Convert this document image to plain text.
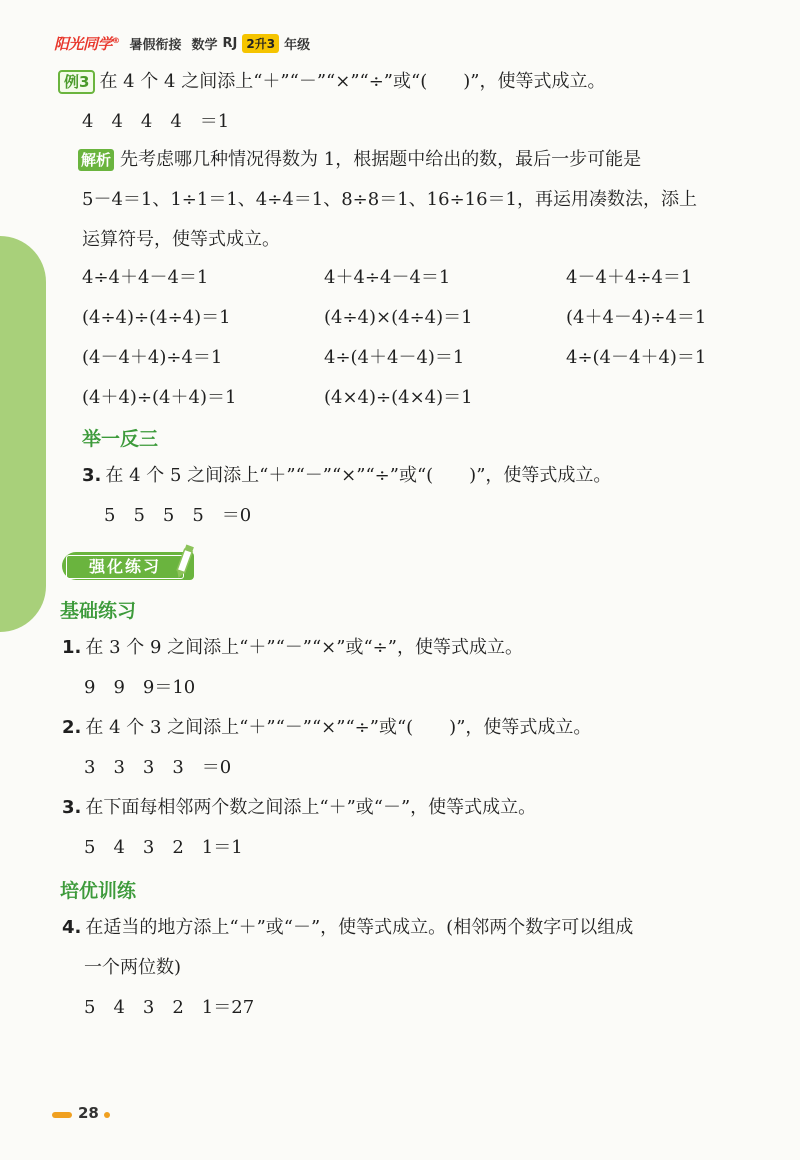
阳光同学® 暑假衔接 数学 RJ 2升3 年级
例3 在 4 个 4 之间添上“＋”“－”“×”“÷”或“(　　)”，使等式成立。
4　4　4　4　＝1
解析 先考虑哪几种情况得数为 1，根据题中给出的数，最后一步可能是
5－4＝1、1÷1＝1、4÷4＝1、8÷8＝1、16÷16＝1，再运用凑数法，添上
运算符号，使等式成立。
4÷4＋4－4＝1	4＋4÷4－4＝1	4－4＋4÷4＝1
(4÷4)÷(4÷4)＝1	(4÷4)×(4÷4)＝1	(4＋4－4)÷4＝1
(4－4＋4)÷4＝1	4÷(4＋4－4)＝1	4÷(4－4＋4)＝1
(4＋4)÷(4＋4)＝1	(4×4)÷(4×4)＝1
举一反三
3. 在 4 个 5 之间添上“＋”“－”“×”“÷”或“(　　)”，使等式成立。
5　5　5　5　＝0
强化练习
基础练习
1. 在 3 个 9 之间添上“＋”“－”“×”或“÷”，使等式成立。
9　9　9＝10
2. 在 4 个 3 之间添上“＋”“－”“×”“÷”或“(　　)”，使等式成立。
3　3　3　3　＝0
3. 在下面每相邻两个数之间添上“＋”或“－”，使等式成立。
5　4　3　2　1＝1
培优训练
4. 在适当的地方添上“＋”或“－”，使等式成立。(相邻两个数字可以组成
一个两位数)
5　4　3　2　1＝27
28
